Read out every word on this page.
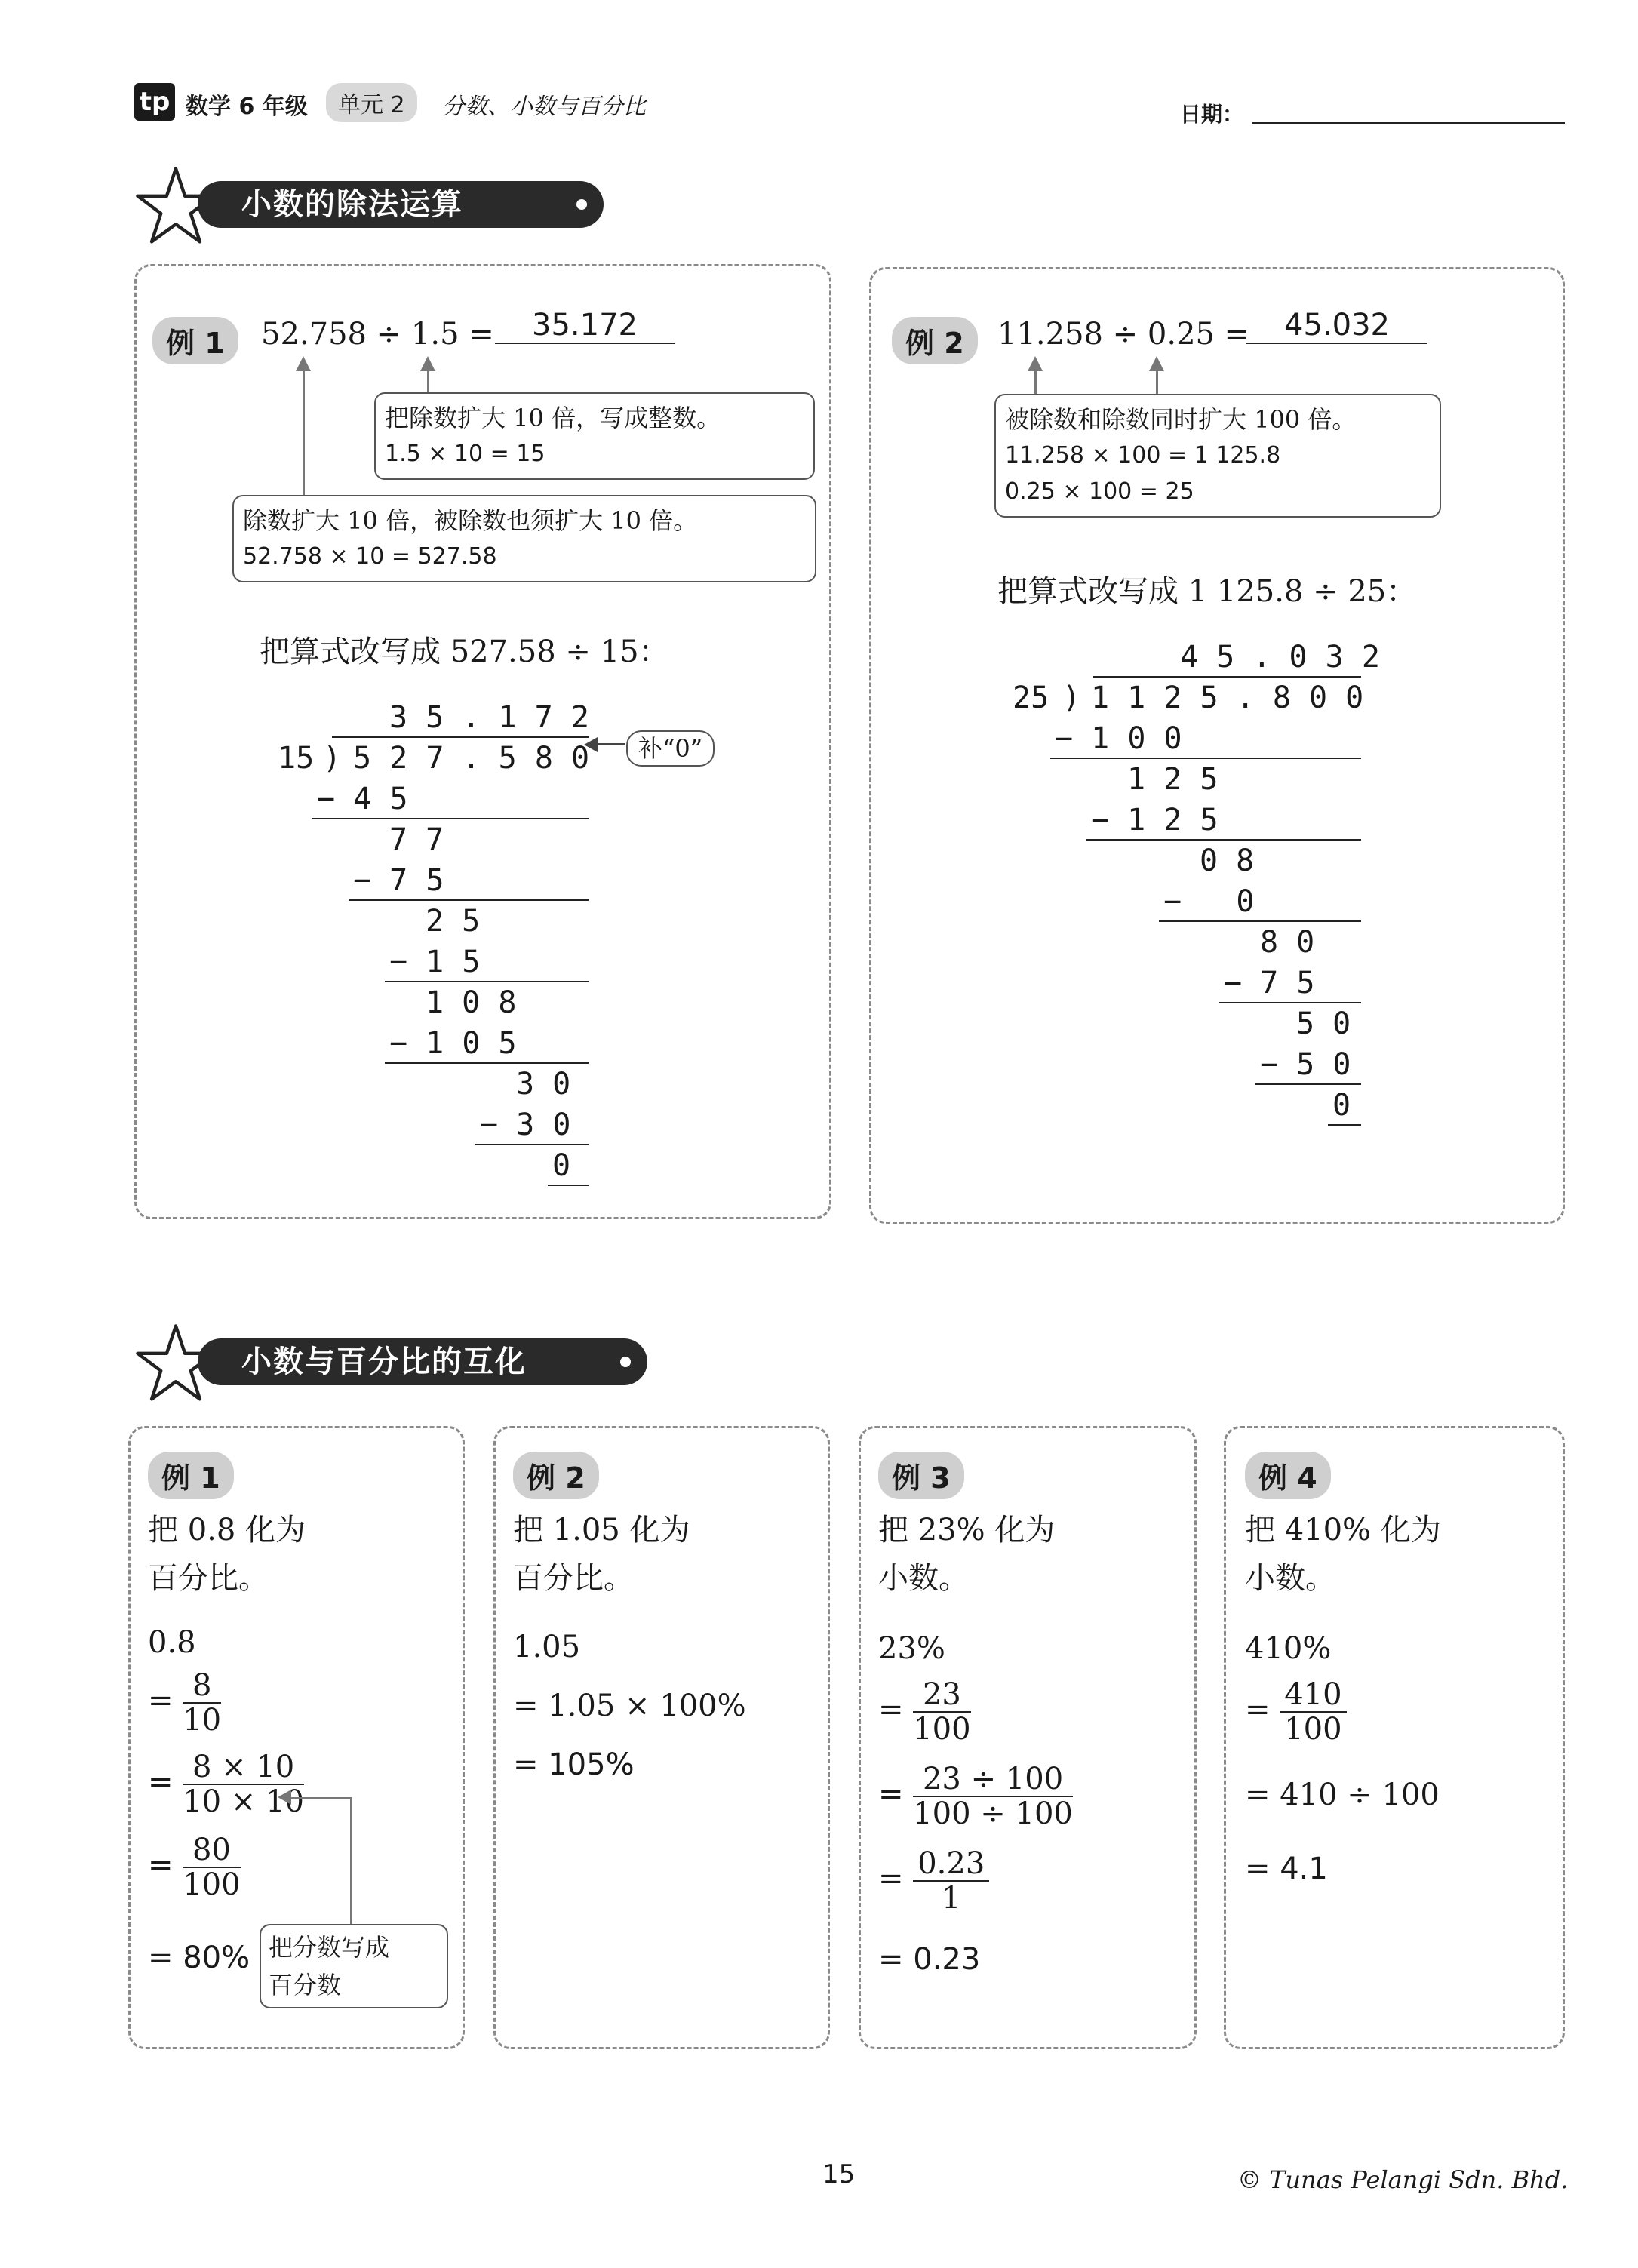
tp 数学 6 年级	单元 2	分数、小数与百分比	日期：
小数的除法运算
例 1	52.758 ÷ 1.5 =	35.172
把除数扩大 10 倍，写成整数。
1.5 × 10 = 15
除数扩大 10 倍，被除数也须扩大 10 倍。
52.758 × 10 = 527.58
把算式改写成 527.58 ÷ 15：
3 5 . 1 7 2
15 ) 5 2 7 . 5 8 0	补“0”
− 4 5
7 7
− 7 5
2 5
− 1 5
1 0 8
− 1 0 5
3 0
− 3 0
0
例 2	11.258 ÷ 0.25 =	45.032
被除数和除数同时扩大 100 倍。
11.258 × 100 = 1 125.8
0.25 × 100 = 25
把算式改写成 1 125.8 ÷ 25：
4 5 . 0 3 2
25 ) 1 1 2 5 . 8 0 0
− 1 0 0
1 2 5
− 1 2 5
0 8
−   0
8 0
− 7 5
5 0
− 5 0
0
小数与百分比的互化
例 1
把 0.8 化为
百分比。
0.8
= $\frac{8}{10}$
= $\frac{8 \times 10}{10 \times 10}$
= $\frac{80}{100}$
= 80% 把分数写成
百分数
例 2
把 1.05 化为
百分比。
1.05
= 1.05 × 100%
= 105%
例 3
把 23% 化为
小数。
23%
= $\frac{23}{100}$
= $\frac{23 \div 100}{100 \div 100}$
= $\frac{0.23}{1}$
= 0.23
例 4
把 410% 化为
小数。
410%
= $\frac{410}{100}$
= 410 ÷ 100
= 4.1
15	© Tunas Pelangi Sdn. Bhd.
